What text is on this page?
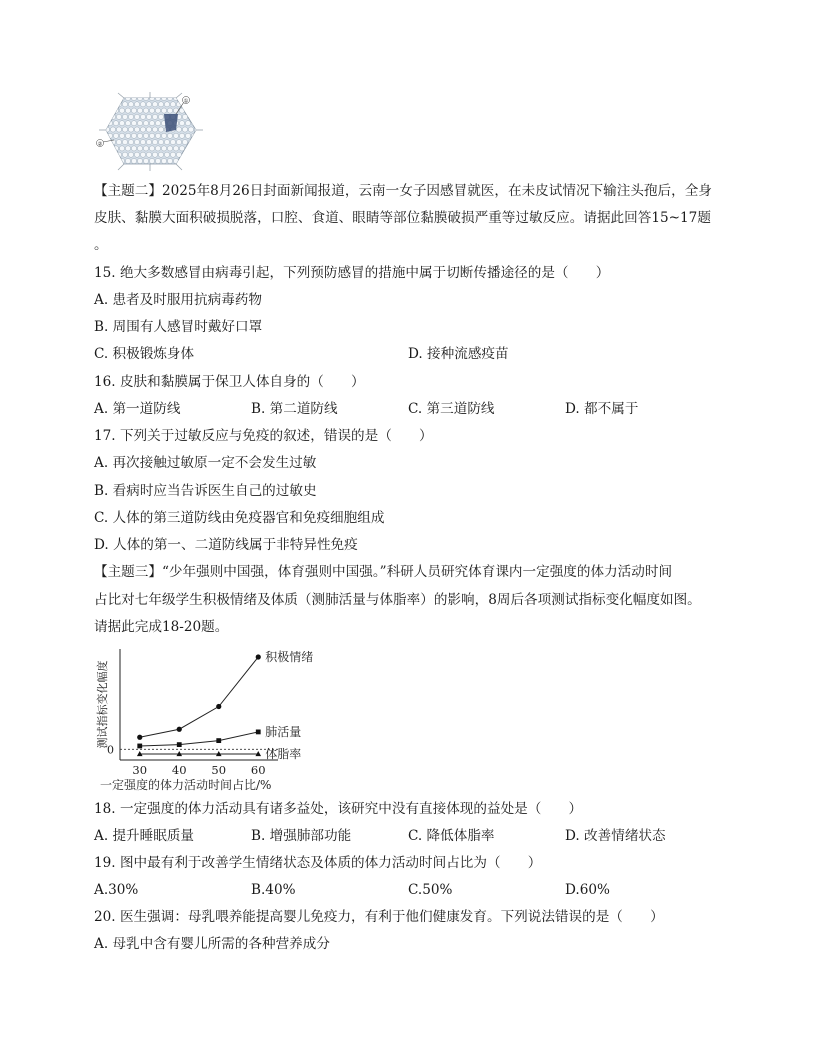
①
②
【主题二】2025年8月26日封面新闻报道，云南一女子因感冒就医，在未皮试情况下输注头孢后，全身
皮肤、黏膜大面积破损脱落，口腔、食道、眼睛等部位黏膜破损严重等过敏反应。请据此回答15~17题
。
15. 绝大多数感冒由病毒引起，下列预防感冒的措施中属于切断传播途径的是（　　）
A. 患者及时服用抗病毒药物
B. 周围有人感冒时戴好口罩
C. 积极锻炼身体	D. 接种流感疫苗
16. 皮肤和黏膜属于保卫人体自身的（　　）
A. 第一道防线	B. 第二道防线	C. 第三道防线	D. 都不属于
17. 下列关于过敏反应与免疫的叙述，错误的是（　　）
A. 再次接触过敏原一定不会发生过敏
B. 看病时应当告诉医生自己的过敏史
C. 人体的第三道防线由免疫器官和免疫细胞组成
D. 人体的第一、二道防线属于非特异性免疫
【主题三】“少年强则中国强，体育强则中国强。”科研人员研究体育课内一定强度的体力活动时间
占比对七年级学生积极情绪及体质（测肺活量与体脂率）的影响，8周后各项测试指标变化幅度如图。
请据此完成18-20题。
测试指标变化幅度
0
一定强度的体力活动时间占比/%
30 40 50 60
积极情绪
肺活量
体脂率
18. 一定强度的体力活动具有诸多益处，该研究中没有直接体现的益处是（　　）
A. 提升睡眠质量	B. 增强肺部功能	C. 降低体脂率	D. 改善情绪状态
19. 图中最有利于改善学生情绪状态及体质的体力活动时间占比为（　　）
A.30%	B.40%	C.50%	D.60%
20. 医生强调：母乳喂养能提高婴儿免疫力，有利于他们健康发育。下列说法错误的是（　　）
A. 母乳中含有婴儿所需的各种营养成分
